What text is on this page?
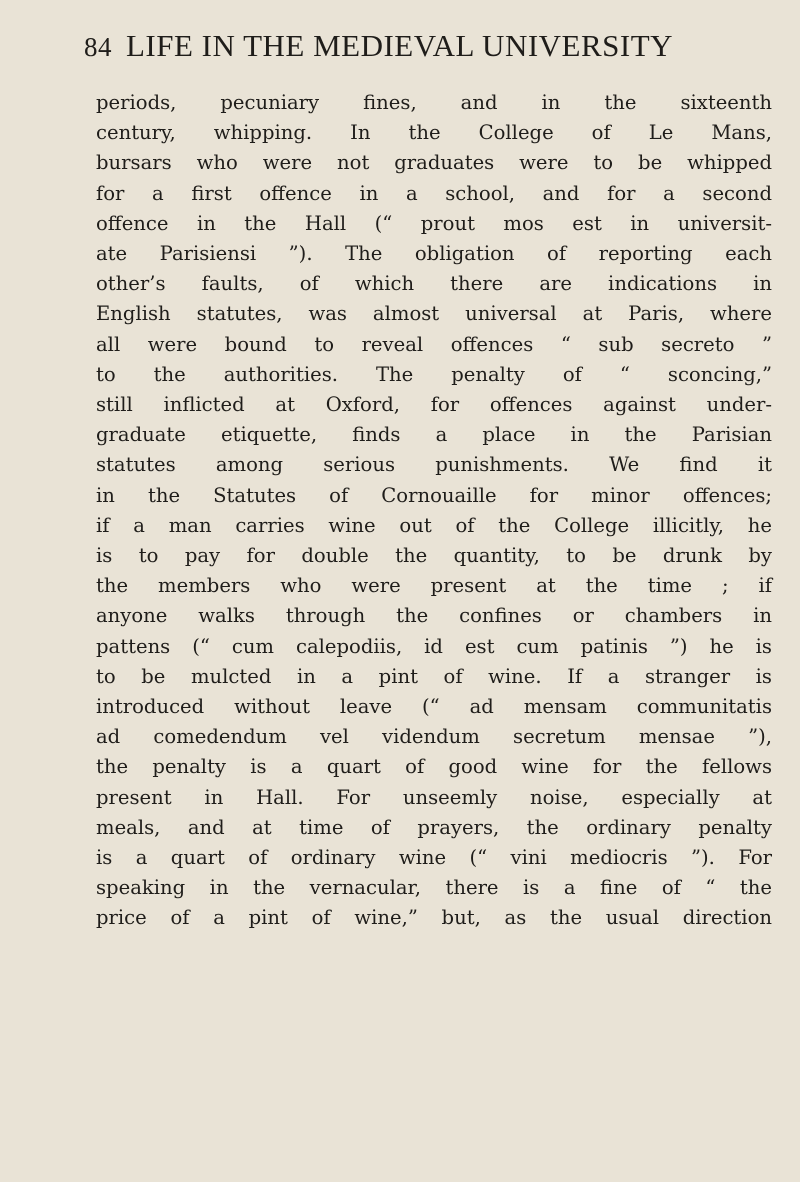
84 LIFE IN THE MEDIEVAL UNIVERSITY
periods, pecuniary fines, and in the sixteenth
century, whipping. In the College of Le Mans,
bursars who were not graduates were to be whipped
for a first offence in a school, and for a second
offence in the Hall (“ prout mos est in universit-
ate Parisiensi ”). The obligation of reporting each
other’s faults, of which there are indications in
English statutes, was almost universal at Paris, where
all were bound to reveal offences “ sub secreto ”
to the authorities. The penalty of “ sconcing,”
still inflicted at Oxford, for offences against under-
graduate etiquette, finds a place in the Parisian
statutes among serious punishments. We find it
in the Statutes of Cornouaille for minor offences;
if a man carries wine out of the College illicitly, he
is to pay for double the quantity, to be drunk by
the members who were present at the time ; if
anyone walks through the confines or chambers in
pattens (“ cum calepodiis, id est cum patinis ”) he is
to be mulcted in a pint of wine. If a stranger is
introduced without leave (“ ad mensam communitatis
ad comedendum vel videndum secretum mensae ”),
the penalty is a quart of good wine for the fellows
present in Hall. For unseemly noise, especially at
meals, and at time of prayers, the ordinary penalty
is a quart of ordinary wine (“ vini mediocris ”). For
speaking in the vernacular, there is a fine of “ the
price of a pint of wine,” but, as the usual direction
